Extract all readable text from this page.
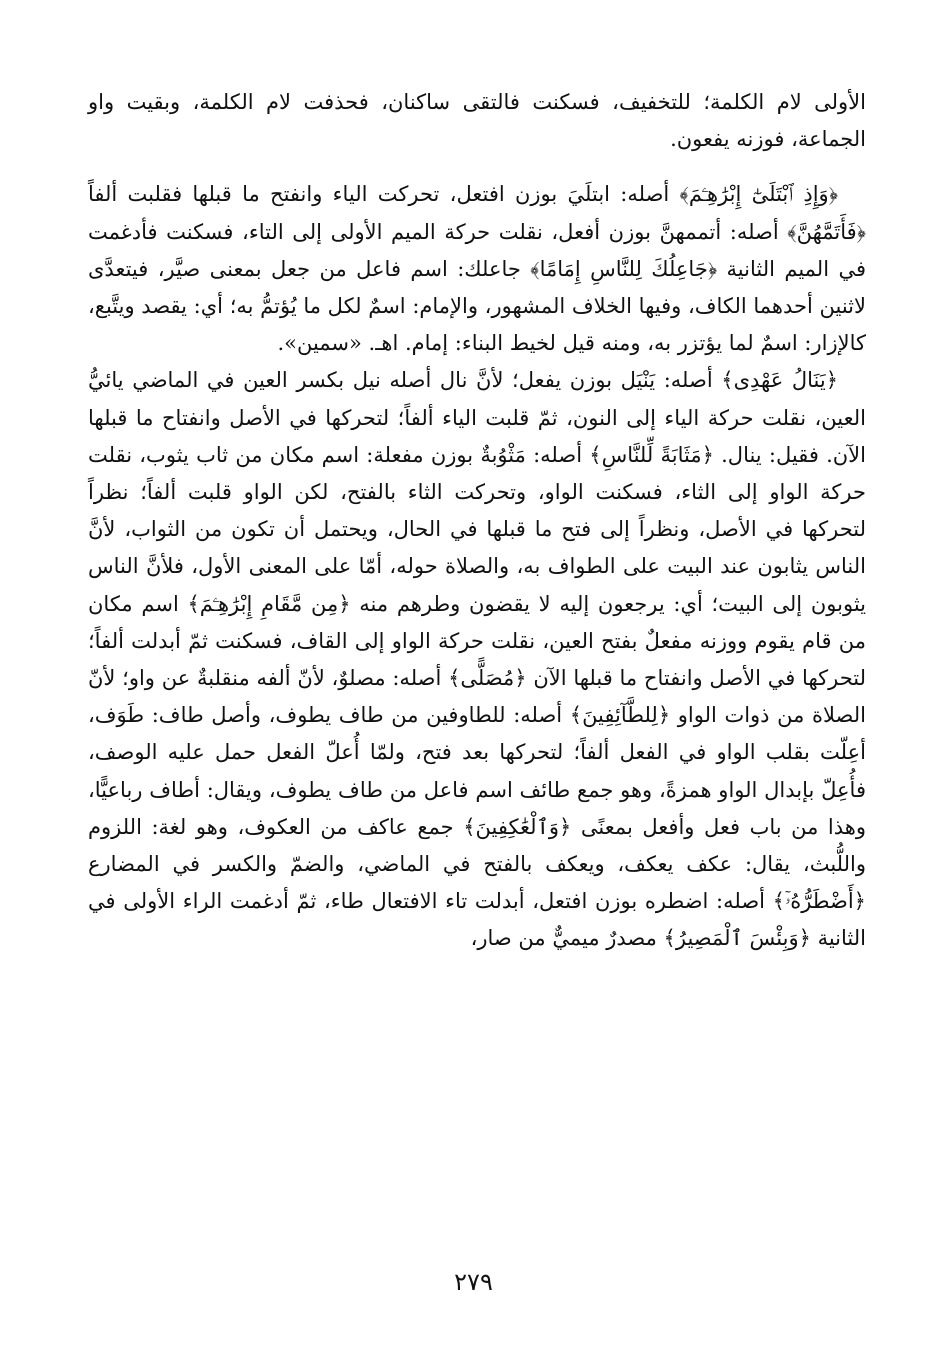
الأولى لام الكلمة؛ للتخفيف، فسكنت فالتقى ساكنان، فحذفت لام الكلمة، وبقيت واو الجماعة، فوزنه يفعون.

﴿وَإِذِ ٱبْتَلَىٰٓ إِبْرَٰهِـۧمَ﴾ أصله: ابتلَيَ بوزن افتعل، تحركت الياء وانفتح ما قبلها فقلبت ألفاً ﴿فَأَتَمَّهُنَّ﴾ أصله: أتممهنَّ بوزن أفعل، نقلت حركة الميم الأولى إلى التاء، فسكنت فأدغمت في الميم الثانية ﴿جَاعِلُكَ لِلنَّاسِ إِمَامًا﴾ جاعلك: اسم فاعل من جعل بمعنى صيَّر، فيتعدَّى لاثنين أحدهما الكاف، وفيها الخلاف المشهور، والإمام: اسمٌ لكل ما يُؤتمُّ به؛ أي: يقصد ويتَّبع، كالإزار: اسمٌ لما يؤتزر به، ومنه قيل لخيط البناء: إمام. اهـ. «سمين».

﴿يَنَالُ عَهْدِى﴾ أصله: يَنْيَل بوزن يفعل؛ لأنَّ نال أصله نيل بكسر العين في الماضي يائيُّ العين، نقلت حركة الياء إلى النون، ثمّ قلبت الياء ألفاً؛ لتحركها في الأصل وانفتاح ما قبلها الآن. فقيل: ينال. ﴿مَثَابَةً لِّلنَّاسِ﴾ أصله: مَثْوُبةٌ بوزن مفعلة: اسم مكان من ثاب يثوب، نقلت حركة الواو إلى الثاء، فسكنت الواو، وتحركت الثاء بالفتح، لكن الواو قلبت ألفاً؛ نظراً لتحركها في الأصل، ونظراً إلى فتح ما قبلها في الحال، ويحتمل أن تكون من الثواب، لأنَّ الناس يثابون عند البيت على الطواف به، والصلاة حوله، أمّا على المعنى الأول، فلأنَّ الناس يثوبون إلى البيت؛ أي: يرجعون إليه لا يقضون وطرهم منه ﴿مِن مَّقَامِ إِبْرَٰهِـۧمَ﴾ اسم مكان من قام يقوم ووزنه مفعلٌ بفتح العين، نقلت حركة الواو إلى القاف، فسكنت ثمّ أبدلت ألفاً؛ لتحركها في الأصل وانفتاح ما قبلها الآن ﴿مُصَلًّى﴾ أصله: مصلوٌ، لأنّ ألفه منقلبةٌ عن واو؛ لأنّ الصلاة من ذوات الواو ﴿لِلطَّآئِفِينَ﴾ أصله: للطاوفين من طاف يطوف، وأصل طاف: طَوَف، أعِلّت بقلب الواو في الفعل ألفاً؛ لتحركها بعد فتح، ولمّا أُعلّ الفعل حمل عليه الوصف، فأُعِلّ بإبدال الواو همزةً، وهو جمع طائف اسم فاعل من طاف يطوف، ويقال: أطاف رباعيًّا، وهذا من باب فعل وأفعل بمعنًى ﴿وَٱلْعَٰكِفِينَ﴾ جمع عاكف من العكوف، وهو لغة: اللزوم واللُّبث، يقال: عكف يعكف، ويعكف بالفتح في الماضي، والضمّ والكسر في المضارع ﴿أَضْطَرُّهُۥٓ﴾ أصله: اضطره بوزن افتعل، أبدلت تاء الافتعال طاء، ثمّ أدغمت الراء الأولى في الثانية ﴿وَبِئْسَ ٱلْمَصِيرُ﴾ مصدرٌ ميميٌّ من صار،

٢٧٩
